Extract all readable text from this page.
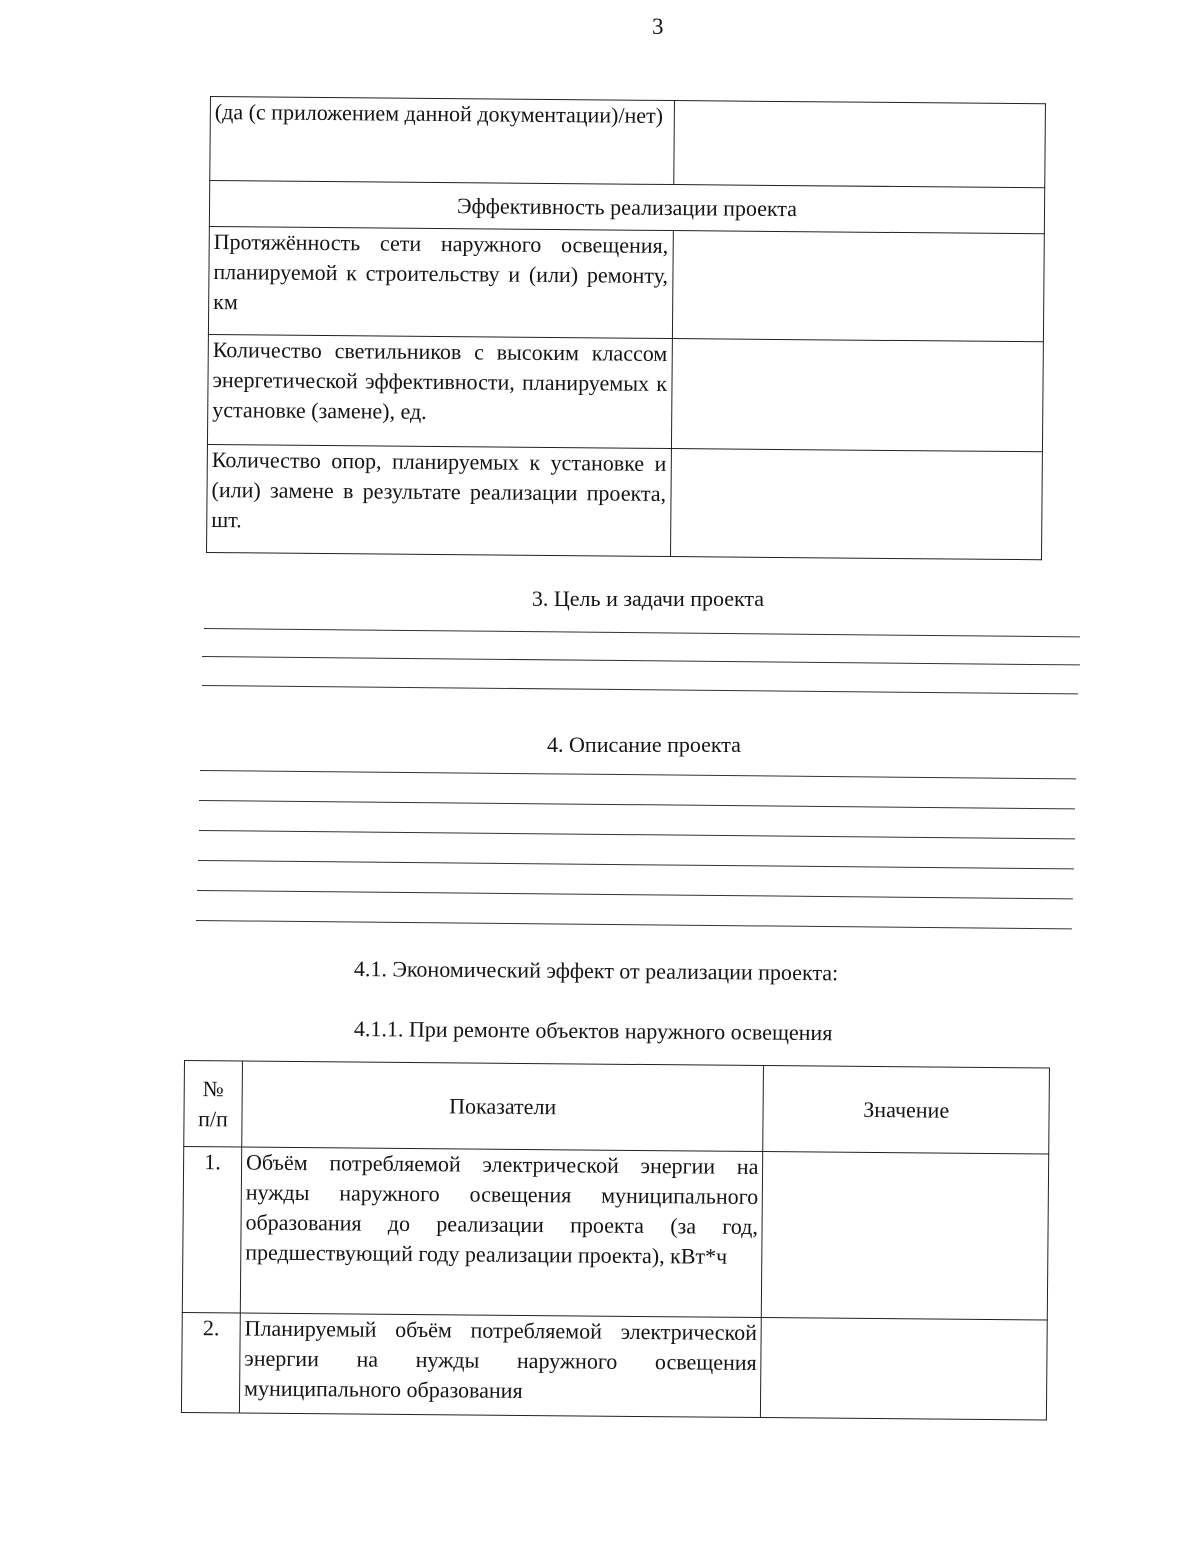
3
(да (с приложением данной документации)/нет)	
Эффективность реализации проекта	
Протяжённость сети наружного освещения, планируемой к строительству и (или) ремонту, км	
Количество светильников с высоким классом энергетической эффективности, планируемых к установке (замене), ед.	
Количество опор, планируемых к установке и (или) замене в результате реализации проекта, шт.	
3. Цель и задачи проекта
4. Описание проекта
4.1. Экономический эффект от реализации проекта:
4.1.1. При ремонте объектов наружного освещения
№ п/п	Показатели	Значение
1.	Объём потребляемой электрической энергии на нужды наружного освещения муниципального образования до реализации проекта (за год, предшествующий году реализации проекта), кВт*ч	
2.	Планируемый объём потребляемой электрической энергии на нужды наружного освещения муниципального образования	
